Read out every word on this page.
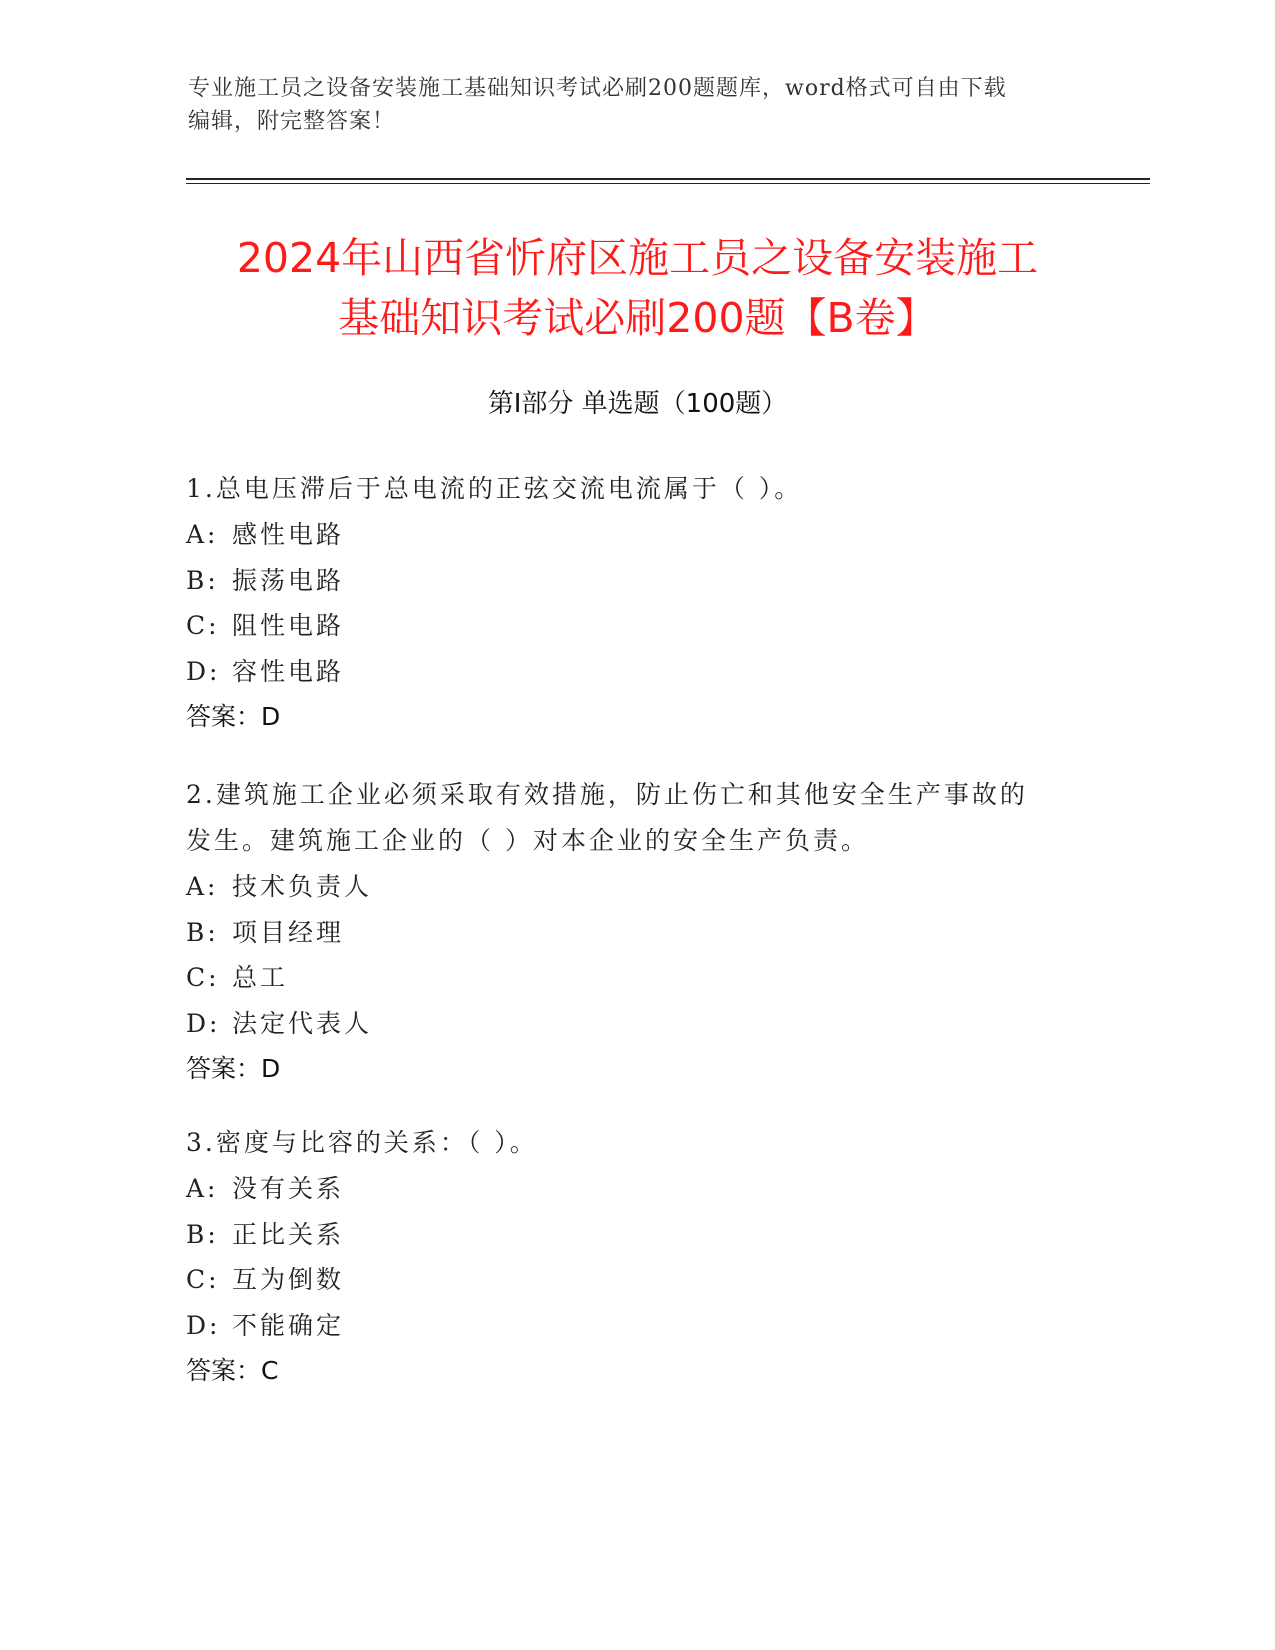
专业施工员之设备安装施工基础知识考试必刷200题题库，word格式可自由下载
编辑，附完整答案！
2024年山西省忻府区施工员之设备安装施工
基础知识考试必刷200题【B卷】
第Ⅰ部分 单选题（100题）

1.总电压滞后于总电流的正弦交流电流属于（ ）。

A: 感性电路

B: 振荡电路

C: 阻性电路

D: 容性电路

答案：D

2.建筑施工企业必须采取有效措施，防止伤亡和其他安全生产事故的
发生。建筑施工企业的（ ）对本企业的安全生产负责。

A: 技术负责人

B: 项目经理

C: 总工

D: 法定代表人

答案：D

3.密度与比容的关系：（ ）。

A: 没有关系

B: 正比关系

C: 互为倒数

D: 不能确定

答案：C
